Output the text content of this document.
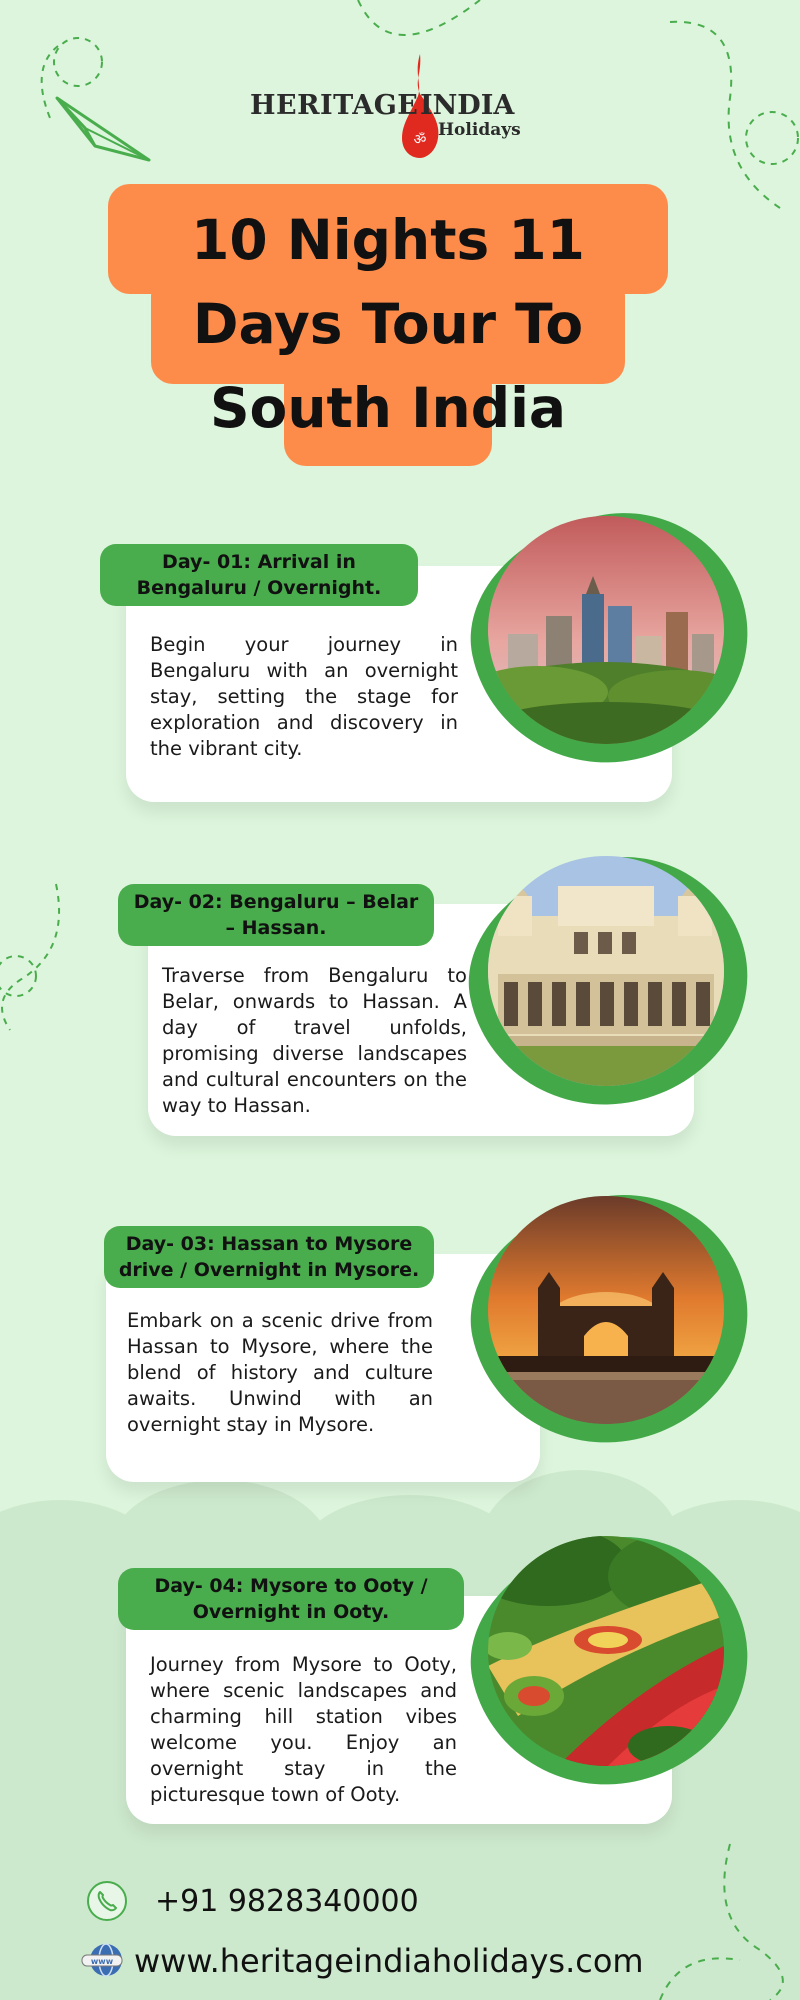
ॐ
HERITAGE INDIA
Holidays
10 Nights 11 Days Tour To South India
Begin your journey in Bengaluru with an overnight stay, setting the stage for exploration and discovery in the vibrant city.
Day- 01: Arrival in Bengaluru / Overnight.
Traverse from Bengaluru to Belar, onwards to Hassan. A day of travel unfolds, promising diverse landscapes and cultural encounters on the way to Hassan.
Day- 02: Bengaluru – Belar – Hassan.
Embark on a scenic drive from Hassan to Mysore, where the blend of history and culture awaits. Unwind with an overnight stay in Mysore.
Day- 03: Hassan to Mysore drive / Overnight in Mysore.
Journey from Mysore to Ooty, where scenic landscapes and charming hill station vibes welcome you. Enjoy an overnight stay in the picturesque town of Ooty.
Day- 04: Mysore to Ooty / Overnight in Ooty.
+91 9828340000
www www.heritageindiaholidays.com
